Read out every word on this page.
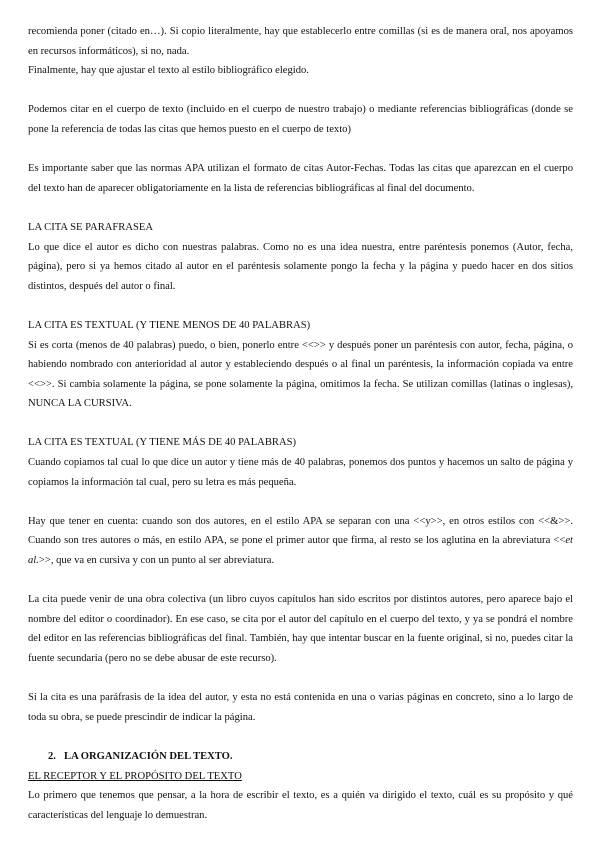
recomienda poner (citado en…). Si copio literalmente, hay que establecerlo entre comillas (si es de manera oral, nos apoyamos en recursos informáticos), si no, nada.

Finalmente, hay que ajustar el texto al estilo bibliográfico elegido.

Podemos citar en el cuerpo de texto (incluido en el cuerpo de nuestro trabajo) o mediante referencias bibliográficas (donde se pone la referencia de todas las citas que hemos puesto en el cuerpo de texto)

Es importante saber que las normas APA utilizan el formato de citas Autor-Fechas. Todas las citas que aparezcan en el cuerpo del texto han de aparecer obligatoriamente en la lista de referencias bibliográficas al final del documento.

LA CITA SE PARAFRASEA

Lo que dice el autor es dicho con nuestras palabras. Como no es una idea nuestra, entre paréntesis ponemos (Autor, fecha, página), pero si ya hemos citado al autor en el paréntesis solamente pongo la fecha y la página y puedo hacer en dos sitios distintos, después del autor o final.

LA CITA ES TEXTUAL (Y TIENE MENOS DE 40 PALABRAS)

Si es corta (menos de 40 palabras) puedo, o bien, ponerlo entre <<>> y después poner un paréntesis con autor, fecha, página, o habiendo nombrado con anterioridad al autor y estableciendo después o al final un paréntesis, la información copiada va entre <<>>. Si cambia solamente la página, se pone solamente la página, omitimos la fecha. Se utilizan comillas (latinas o inglesas), NUNCA LA CURSIVA.

LA CITA ES TEXTUAL (Y TIENE MÁS DE 40 PALABRAS)

Cuando copiamos tal cual lo que dice un autor y tiene más de 40 palabras, ponemos dos puntos y hacemos un salto de página y copiamos la información tal cual, pero su letra es más pequeña.

Hay que tener en cuenta: cuando son dos autores, en el estilo APA se separan con una <<y>>, en otros estilos con <<&>>. Cuando son tres autores o más, en estilo APA, se pone el primer autor que firma, al resto se los aglutina en la abreviatura <<et al.>>, que va en cursiva y con un punto al ser abreviatura.

La cita puede venir de una obra colectiva (un libro cuyos capítulos han sido escritos por distintos autores, pero aparece bajo el nombre del editor o coordinador). En ese caso, se cita por el autor del capítulo en el cuerpo del texto, y ya se pondrá el nombre del editor en las referencias bibliográficas del final. También, hay que intentar buscar en la fuente original, si no, puedes citar la fuente secundaria (pero no se debe abusar de este recurso).

Si la cita es una paráfrasis de la idea del autor, y esta no está contenida en una o varias páginas en concreto, sino a lo largo de toda su obra, se puede prescindir de indicar la página.

2. LA ORGANIZACIÓN DEL TEXTO.

EL RECEPTOR Y EL PROPÓSITO DEL TEXTO

Lo primero que tenemos que pensar, a la hora de escribir el texto, es a quién va dirigido el texto, cuál es su propósito y qué características del lenguaje lo demuestran.
